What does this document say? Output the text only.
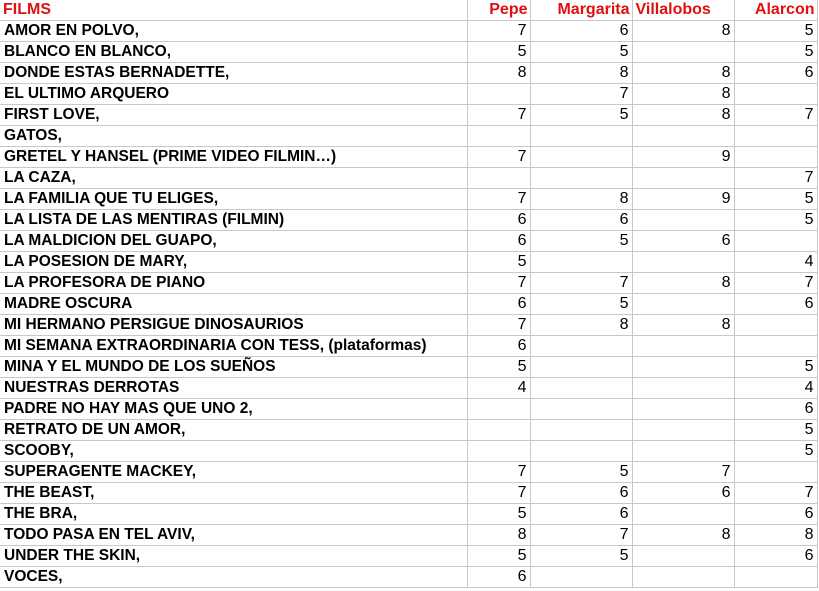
FILMS	Pepe	Margarita	Villalobos	Alarcon
AMOR EN POLVO,	7	6	8	5
BLANCO EN BLANCO,	5	5		5
DONDE ESTAS BERNADETTE,	8	8	8	6
EL ULTIMO ARQUERO		7	8	
FIRST LOVE,	7	5	8	7
GATOS,				
GRETEL Y HANSEL (PRIME VIDEO FILMIN…)	7		9	
LA CAZA,				7
LA FAMILIA QUE TU ELIGES,	7	8	9	5
LA LISTA DE LAS MENTIRAS (FILMIN)	6	6		5
LA MALDICION DEL GUAPO,	6	5	6	
LA POSESION DE MARY,	5			4
LA PROFESORA DE PIANO	7	7	8	7
MADRE OSCURA	6	5		6
MI HERMANO PERSIGUE DINOSAURIOS	7	8	8	
MI SEMANA EXTRAORDINARIA CON TESS, (plataformas)	6			
MINA Y EL MUNDO DE LOS SUEÑOS	5			5
NUESTRAS DERROTAS	4			4
PADRE NO HAY MAS QUE UNO 2,				6
RETRATO DE UN AMOR,				5
SCOOBY,				5
SUPERAGENTE MACKEY,	7	5	7	
THE BEAST,	7	6	6	7
THE BRA,	5	6		6
TODO PASA EN TEL AVIV,	8	7	8	8
UNDER THE SKIN,	5	5		6
VOCES,	6			
